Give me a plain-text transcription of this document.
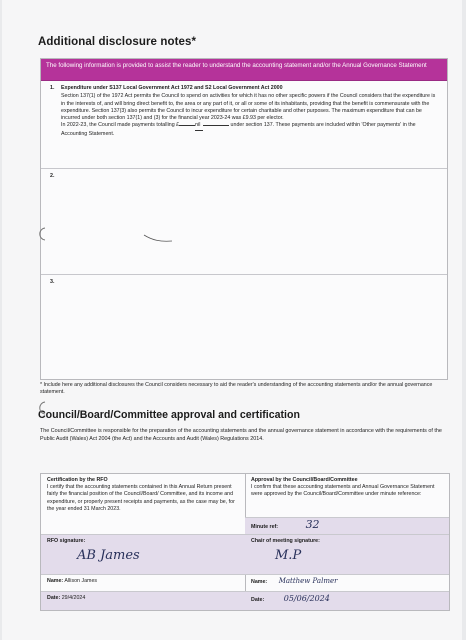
Additional disclosure notes*
The following information is provided to assist the reader to understand the accounting statement and/or the Annual Governance Statement
1. Expenditure under S137 Local Government Act 1972 and S2 Local Government Act 2000
Section 137(1) of the 1972 Act permits the Council to spend on activities for which it has no other specific powers if the Council considers that the expenditure is in the interests of, and will bring direct benefit to, the area or any part of it, or all or some of its inhabitants, providing that the benefit is commensurate with the expenditure. Section 137(3) also permits the Council to incur expenditure for certain charitable and other purposes. The maximum expenditure that can be incurred under both section 137(1) and (3) for the financial year 2023-24 was £9.93 per elector.
In 2022-23, the Council made payments totalling £	nil	under section 137. These payments are included within 'Other payments' in the Accounting Statement.
2.
3.
* Include here any additional disclosures the Council considers necessary to aid the reader's understanding of the accounting statements and/or the annual governance statement.
Council/Board/Committee approval and certification
The Council/Committee is responsible for the preparation of the accounting statements and the annual governance statement in accordance with the requirements of the Public Audit (Wales) Act 2004 (the Act) and the Accounts and Audit (Wales) Regulations 2014.
Certification by the RFO
I certify that the accounting statements contained in this Annual Return present fairly the financial position of the Council/Board/ Committee, and its income and expenditure, or properly present receipts and payments, as the case may be, for the year ended 31 March 2023.
RFO signature:
AB James
Name: Allison James
Date: 29/4/2024
Approval by the Council/Board/Committee
I confirm that these accounting statements and Annual Governance Statement were approved by the Council/Board/Committee under minute reference:
Minute ref: 32
Chair of meeting signature:
M.P
Name: Matthew Palmer
Date: 05/06/2024
